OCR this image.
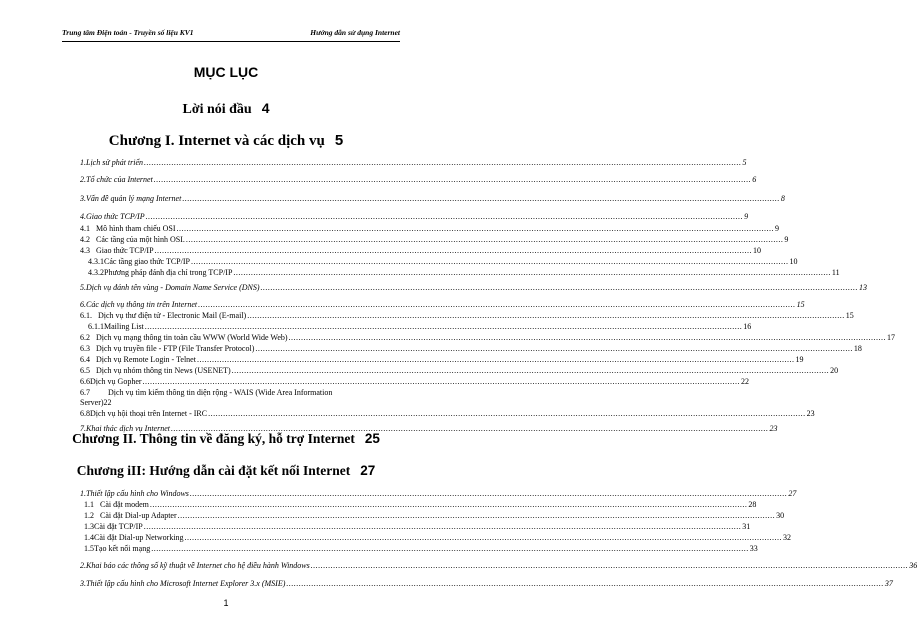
Trung tâm Điện toán - Truyền số liệu KV1	Hướng dẫn sử dụng Internet
MỤC LỤC
Lời nói đầu 4
Chương I. Internet và các dịch vụ 5
1. Lịch sử phát triển .....	5
2. Tổ chức của Internet .....	6
3. Vấn đề quản lý mạng Internet .....	8
4. Giao thức TCP/IP .....	9
4.1 Mô hình tham chiếu OSI .....	9
4.2 Các tầng của một hình OSI. .....	9
4.3 Giao thức TCP/IP .....	10
4.3.1 Các tầng giao thức TCP/IP .....	10
4.3.2 Phương pháp đánh địa chỉ trong TCP/IP .....	11
5. Dịch vụ đánh tên vùng - Domain Name Service (DNS) .....	13
6. Các dịch vụ thông tin trên Internet .....	15
6.1. Dịch vụ thư điện tử - Electronic Mail (E-mail) .....	15
6.1.1 Mailing List .....	16
6.2 Dịch vụ mạng thông tin toàn cầu WWW (World Wide Web) .....	17
6.3 Dịch vụ truyền file - FTP (File Transfer Protocol) .....	18
6.4 Dịch vụ Remote Login - Telnet .....	19
6.5 Dịch vụ nhóm thông tin News (USENET) .....	20
6.6 Dịch vụ Gopher .....	22
6.7 Dịch vụ tìm kiếm thông tin diện rộng - WAIS (Wide Area Information
Server)22
6.8 Dịch vụ hội thoại trên Internet - IRC .....	23
7. Khai thác dịch vụ Internet .....	23
Chương II. Thông tin về đăng ký, hỗ trợ Internet 25
Chương iII: Hướng dẫn cài đặt kết nối Internet 27
1. Thiết lập cấu hình cho Windows .....	27
1.1 Cài đặt modem .....	28
1.2 Cài đặt Dial-up Adapter .....	30
1.3 Cài đặt TCP/IP .....	31
1.4 Cài đặt Dial-up Networking .....	32
1.5 Tạo kết nối mạng .....	33
2. Khai báo các thông số kỹ thuật về Internet cho hệ điều hành Windows .....	36
3. Thiết lập cấu hình cho Microsoft Internet Explorer 3.x (MSIE) .....	37
1
